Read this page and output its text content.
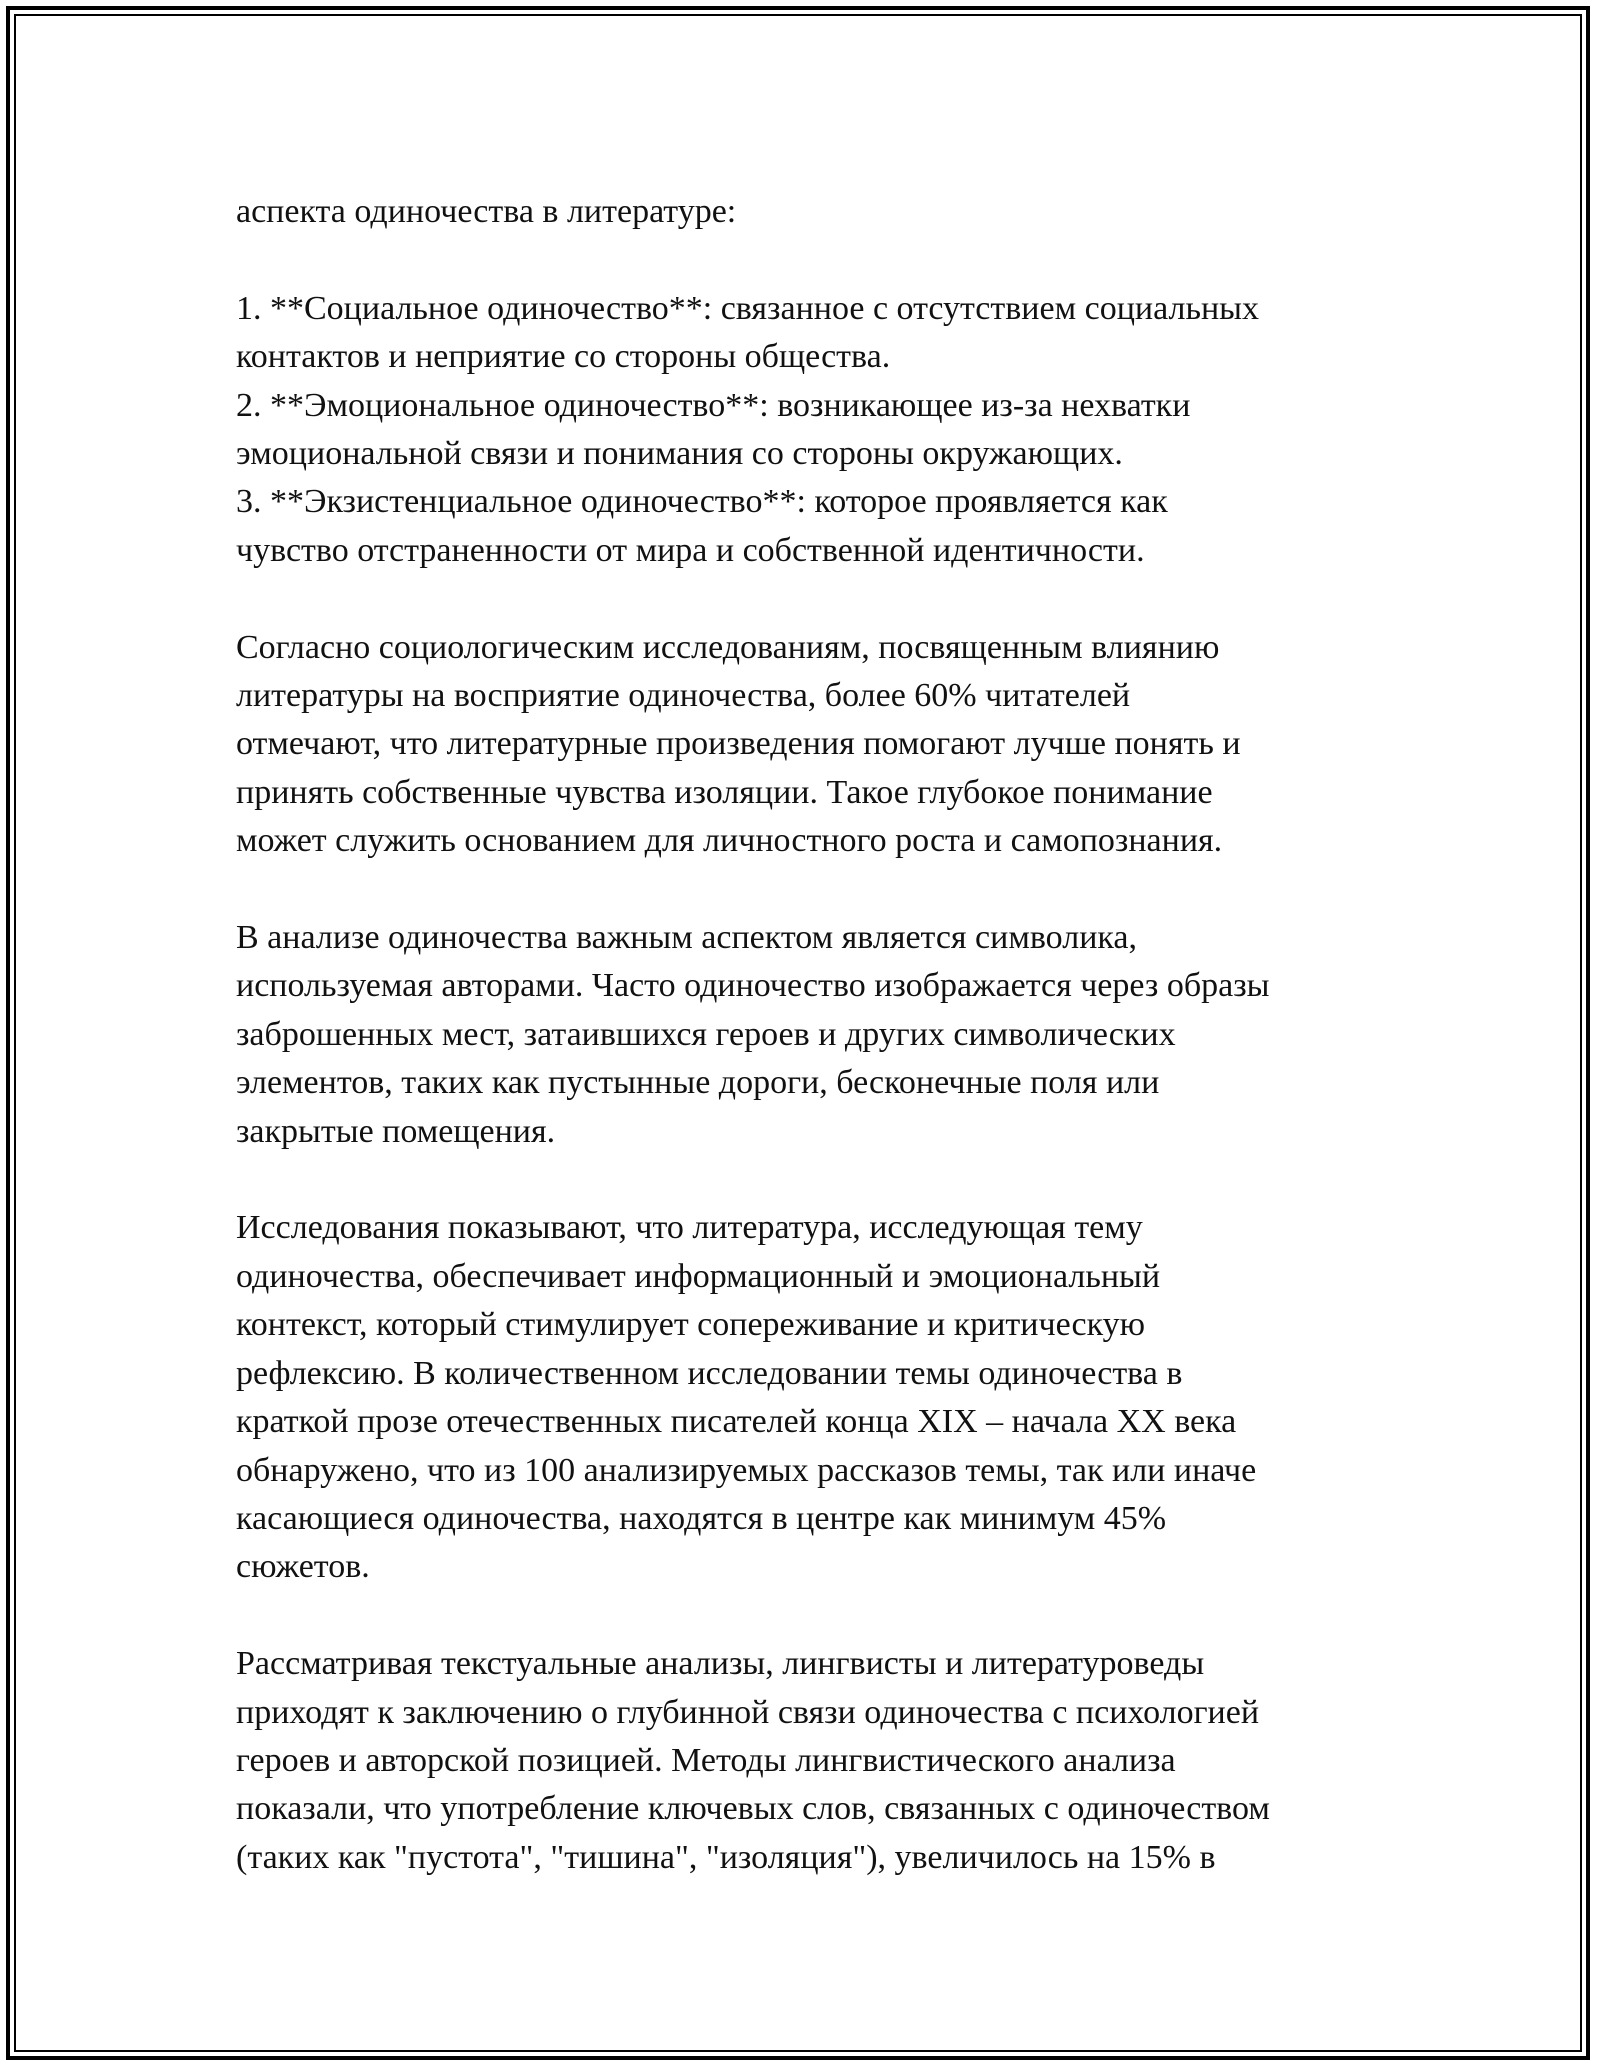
аспекта одиночества в литературе:

1. **Социальное одиночество**: связанное с отсутствием социальных
контактов и неприятие со стороны общества.
2. **Эмоциональное одиночество**: возникающее из-за нехватки
эмоциональной связи и понимания со стороны окружающих.
3. **Экзистенциальное одиночество**: которое проявляется как
чувство отстраненности от мира и собственной идентичности.

Согласно социологическим исследованиям, посвященным влиянию
литературы на восприятие одиночества, более 60% читателей
отмечают, что литературные произведения помогают лучше понять и
принять собственные чувства изоляции. Такое глубокое понимание
может служить основанием для личностного роста и самопознания.

В анализе одиночества важным аспектом является символика,
используемая авторами. Часто одиночество изображается через образы
заброшенных мест, затаившихся героев и других символических
элементов, таких как пустынные дороги, бесконечные поля или
закрытые помещения.

Исследования показывают, что литература, исследующая тему
одиночества, обеспечивает информационный и эмоциональный
контекст, который стимулирует сопереживание и критическую
рефлексию. В количественном исследовании темы одиночества в
краткой прозе отечественных писателей конца XIX – начала XX века
обнаружено, что из 100 анализируемых рассказов темы, так или иначе
касающиеся одиночества, находятся в центре как минимум 45%
сюжетов.

Рассматривая текстуальные анализы, лингвисты и литературоведы
приходят к заключению о глубинной связи одиночества с психологией
героев и авторской позицией. Методы лингвистического анализа
показали, что употребление ключевых слов, связанных с одиночеством
(таких как "пустота", "тишина", "изоляция"), увеличилось на 15% в
